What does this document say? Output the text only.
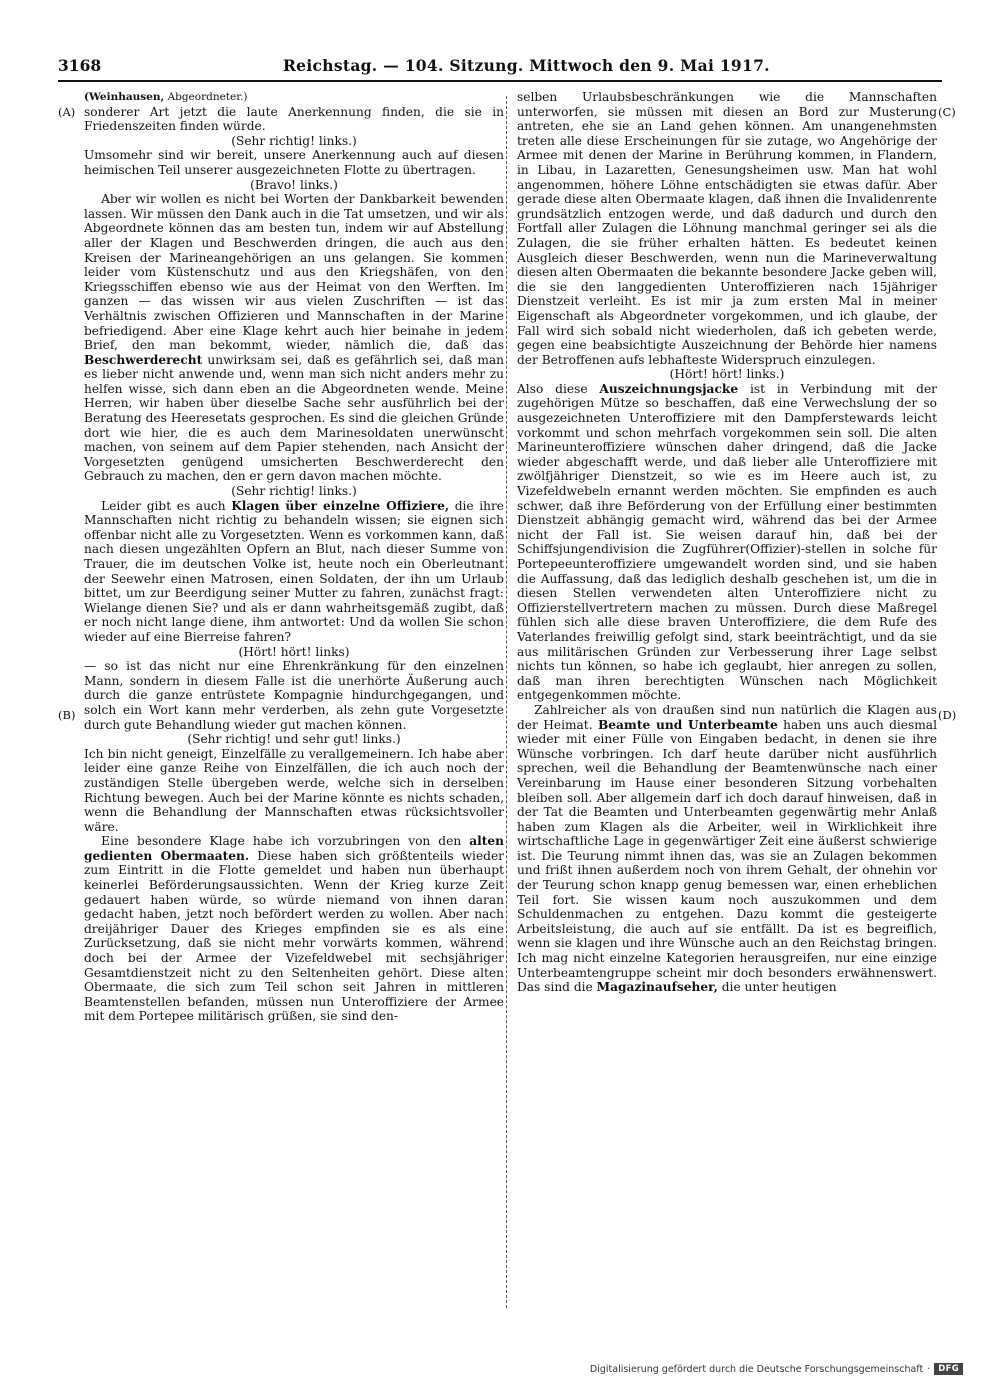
3168	Reichstag. — 104. Sitzung. Mittwoch den 9. Mai 1917.
(A)
(B)
(C)
(D)

(Weinhausen, Abgeordneter.)

sonderer Art jetzt die laute Anerkennung finden, die sie in Friedenszeiten finden würde.

(Sehr richtig! links.)

Umsomehr sind wir bereit, unsere Anerkennung auch auf diesen heimischen Teil unserer ausgezeichneten Flotte zu übertragen.

(Bravo! links.)

Aber wir wollen es nicht bei Worten der Dankbarkeit bewenden lassen. Wir müssen den Dank auch in die Tat umsetzen, und wir als Abgeordnete können das am besten tun, indem wir auf Abstellung aller der Klagen und Beschwerden dringen, die auch aus den Kreisen der Marineangehörigen an uns gelangen. Sie kommen leider vom Küstenschutz und aus den Kriegshäfen, von den Kriegsschiffen ebenso wie aus der Heimat von den Werften. Im ganzen — das wissen wir aus vielen Zuschriften — ist das Verhältnis zwischen Offizieren und Mannschaften in der Marine befriedigend. Aber eine Klage kehrt auch hier beinahe in jedem Brief, den man bekommt, wieder, nämlich die, daß das Beschwerderecht unwirksam sei, daß es gefährlich sei, daß man es lieber nicht anwende und, wenn man sich nicht anders mehr zu helfen wisse, sich dann eben an die Abgeordneten wende. Meine Herren, wir haben über dieselbe Sache sehr ausführlich bei der Beratung des Heeresetats gesprochen. Es sind die gleichen Gründe dort wie hier, die es auch dem Marinesoldaten unerwünscht machen, von seinem auf dem Papier stehenden, nach Ansicht der Vorgesetzten genügend umsicherten Beschwerderecht den Gebrauch zu machen, den er gern davon machen möchte.

(Sehr richtig! links.)

Leider gibt es auch Klagen über einzelne Offiziere, die ihre Mannschaften nicht richtig zu behandeln wissen; sie eignen sich offenbar nicht alle zu Vorgesetzten. Wenn es vorkommen kann, daß nach diesen ungezählten Opfern an Blut, nach dieser Summe von Trauer, die im deutschen Volke ist, heute noch ein Oberleutnant der Seewehr einen Matrosen, einen Soldaten, der ihn um Urlaub bittet, um zur Beerdigung seiner Mutter zu fahren, zunächst fragt: Wielange dienen Sie? und als er dann wahrheitsgemäß zugibt, daß er noch nicht lange diene, ihm antwortet: Und da wollen Sie schon wieder auf eine Bierreise fahren?

(Hört! hört! links)

— so ist das nicht nur eine Ehrenkränkung für den einzelnen Mann, sondern in diesem Falle ist die unerhörte Äußerung auch durch die ganze entrüstete Kompagnie hindurchgegangen, und solch ein Wort kann mehr verderben, als zehn gute Vorgesetzte durch gute Behandlung wieder gut machen können.

(Sehr richtig! und sehr gut! links.)

Ich bin nicht geneigt, Einzelfälle zu verallgemeinern. Ich habe aber leider eine ganze Reihe von Einzelfällen, die ich auch noch der zuständigen Stelle übergeben werde, welche sich in derselben Richtung bewegen. Auch bei der Marine könnte es nichts schaden, wenn die Behandlung der Mannschaften etwas rücksichtsvoller wäre.

Eine besondere Klage habe ich vorzubringen von den alten gedienten Obermaaten. Diese haben sich größtenteils wieder zum Eintritt in die Flotte gemeldet und haben nun überhaupt keinerlei Beförderungsaussichten. Wenn der Krieg kurze Zeit gedauert haben würde, so würde niemand von ihnen daran gedacht haben, jetzt noch befördert werden zu wollen. Aber nach dreijähriger Dauer des Krieges empfinden sie es als eine Zurücksetzung, daß sie nicht mehr vorwärts kommen, während doch bei der Armee der Vizefeldwebel mit sechsjähriger Gesamtdienstzeit nicht zu den Seltenheiten gehört. Diese alten Obermaate, die sich zum Teil schon seit Jahren in mittleren Beamtenstellen befanden, müssen nun Unteroffiziere der Armee mit dem Portepee militärisch grüßen, sie sind den-

selben Urlaubsbeschränkungen wie die Mannschaften unterworfen, sie müssen mit diesen an Bord zur Musterung antreten, ehe sie an Land gehen können. Am unangenehmsten treten alle diese Erscheinungen für sie zutage, wo Angehörige der Armee mit denen der Marine in Berührung kommen, in Flandern, in Libau, in Lazaretten, Genesungsheimen usw. Man hat wohl angenommen, höhere Löhne entschädigten sie etwas dafür. Aber gerade diese alten Obermaate klagen, daß ihnen die Invalidenrente grundsätzlich entzogen werde, und daß dadurch und durch den Fortfall aller Zulagen die Löhnung manchmal geringer sei als die Zulagen, die sie früher erhalten hätten. Es bedeutet keinen Ausgleich dieser Beschwerden, wenn nun die Marineverwaltung diesen alten Obermaaten die bekannte besondere Jacke geben will, die sie den langgedienten Unteroffizieren nach 15jähriger Dienstzeit verleiht. Es ist mir ja zum ersten Mal in meiner Eigenschaft als Abgeordneter vorgekommen, und ich glaube, der Fall wird sich sobald nicht wiederholen, daß ich gebeten werde, gegen eine beabsichtigte Auszeichnung der Behörde hier namens der Betroffenen aufs lebhafteste Widerspruch einzulegen.

(Hört! hört! links.)

Also diese Auszeichnungsjacke ist in Verbindung mit der zugehörigen Mütze so beschaffen, daß eine Verwechslung der so ausgezeichneten Unteroffiziere mit den Dampferstewards leicht vorkommt und schon mehrfach vorgekommen sein soll. Die alten Marineunteroffiziere wünschen daher dringend, daß die Jacke wieder abgeschafft werde, und daß lieber alle Unteroffiziere mit zwölfjähriger Dienstzeit, so wie es im Heere auch ist, zu Vizefeldwebeln ernannt werden möchten. Sie empfinden es auch schwer, daß ihre Beförderung von der Erfüllung einer bestimmten Dienstzeit abhängig gemacht wird, während das bei der Armee nicht der Fall ist. Sie weisen darauf hin, daß bei der Schiffsjungendivision die Zugführer(Offizier)-stellen in solche für Portepeeunteroffiziere umgewandelt worden sind, und sie haben die Auffassung, daß das lediglich deshalb geschehen ist, um die in diesen Stellen verwendeten alten Unteroffiziere nicht zu Offizierstellvertretern machen zu müssen. Durch diese Maßregel fühlen sich alle diese braven Unteroffiziere, die dem Rufe des Vaterlandes freiwillig gefolgt sind, stark beeinträchtigt, und da sie aus militärischen Gründen zur Verbesserung ihrer Lage selbst nichts tun können, so habe ich geglaubt, hier anregen zu sollen, daß man ihren berechtigten Wünschen nach Möglichkeit entgegenkommen möchte.

Zahlreicher als von draußen sind nun natürlich die Klagen aus der Heimat. Beamte und Unterbeamte haben uns auch diesmal wieder mit einer Fülle von Eingaben bedacht, in denen sie ihre Wünsche vorbringen. Ich darf heute darüber nicht ausführlich sprechen, weil die Behandlung der Beamtenwünsche nach einer Vereinbarung im Hause einer besonderen Sitzung vorbehalten bleiben soll. Aber allgemein darf ich doch darauf hinweisen, daß in der Tat die Beamten und Unterbeamten gegenwärtig mehr Anlaß haben zum Klagen als die Arbeiter, weil in Wirklichkeit ihre wirtschaftliche Lage in gegenwärtiger Zeit eine äußerst schwierige ist. Die Teurung nimmt ihnen das, was sie an Zulagen bekommen und frißt ihnen außerdem noch von ihrem Gehalt, der ohnehin vor der Teurung schon knapp genug bemessen war, einen erheblichen Teil fort. Sie wissen kaum noch auszukommen und dem Schuldenmachen zu entgehen. Dazu kommt die gesteigerte Arbeitsleistung, die auch auf sie entfällt. Da ist es begreiflich, wenn sie klagen und ihre Wünsche auch an den Reichstag bringen. Ich mag nicht einzelne Kategorien herausgreifen, nur eine einzige Unterbeamtengruppe scheint mir doch besonders erwähnenswert. Das sind die Magazinaufseher, die unter heutigen

Digitalisierung gefördert durch die Deutsche Forschungsgemeinschaft · DFG
